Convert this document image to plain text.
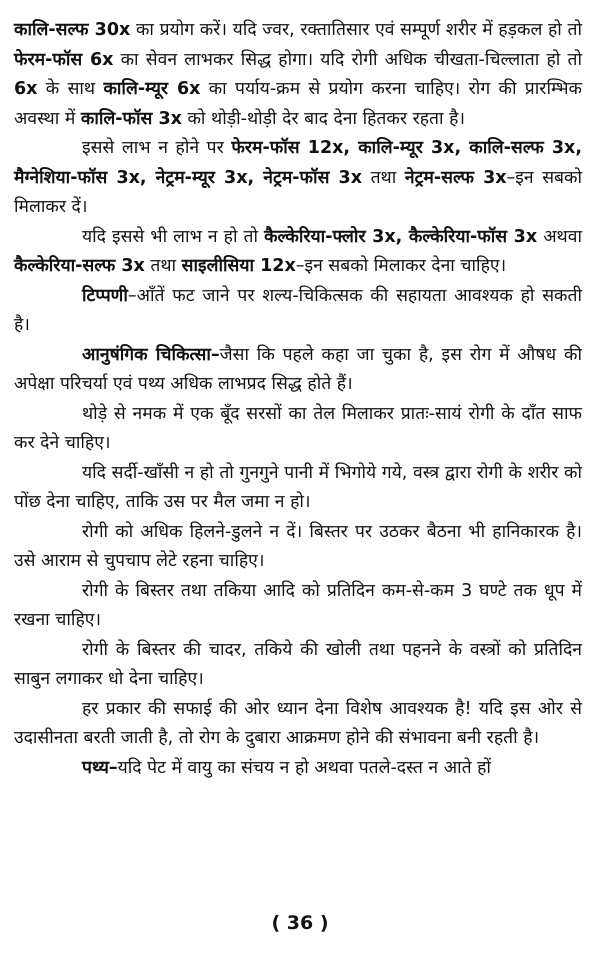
कालि-सल्फ 30x का प्रयोग करें। यदि ज्वर, रक्तातिसार एवं सम्पूर्ण शरीर में हड़कल हो तो फेरम-फॉस 6x का सेवन लाभकर सिद्ध होगा। यदि रोगी अधिक चीखता-चिल्लाता हो तो 6x के साथ कालि-म्यूर 6x का पर्याय-क्रम से प्रयोग करना चाहिए। रोग की प्रारम्भिक अवस्था में कालि-फॉस 3x को थोड़ी-थोड़ी देर बाद देना हितकर रहता है।

इससे लाभ न होने पर फेरम-फॉस 12x, कालि-म्यूर 3x, कालि-सल्फ 3x, मैग्नेशिया-फॉस 3x, नेट्रम-म्यूर 3x, नेट्रम-फॉस 3x तथा नेट्रम-सल्फ 3x–इन सबको मिलाकर दें।

यदि इससे भी लाभ न हो तो कैल्केरिया-फ्लोर 3x, कैल्केरिया-फॉस 3x अथवा कैल्केरिया-सल्फ 3x तथा साइलीसिया 12x–इन सबको मिलाकर देना चाहिए।

टिप्पणी–आँतें फट जाने पर शल्य-चिकित्सक की सहायता आवश्यक हो सकती है।

आनुषंगिक चिकित्सा–जैसा कि पहले कहा जा चुका है, इस रोग में औषध की अपेक्षा परिचर्या एवं पथ्य अधिक लाभप्रद सिद्ध होते हैं।

थोड़े से नमक में एक बूँद सरसों का तेल मिलाकर प्रातः-सायं रोगी के दाँत साफ कर देने चाहिए।

यदि सर्दी-खाँसी न हो तो गुनगुने पानी में भिगोये गये, वस्त्र द्वारा रोगी के शरीर को पोंछ देना चाहिए, ताकि उस पर मैल जमा न हो।

रोगी को अधिक हिलने-डुलने न दें। बिस्तर पर उठकर बैठना भी हानिकारक है। उसे आराम से चुपचाप लेटे रहना चाहिए।

रोगी के बिस्तर तथा तकिया आदि को प्रतिदिन कम-से-कम 3 घण्टे तक धूप में रखना चाहिए।

रोगी के बिस्तर की चादर, तकिये की खोली तथा पहनने के वस्त्रों को प्रतिदिन साबुन लगाकर धो देना चाहिए।

हर प्रकार की सफाई की ओर ध्यान देना विशेष आवश्यक है! यदि इस ओर से उदासीनता बरती जाती है, तो रोग के दुबारा आक्रमण होने की संभावना बनी रहती है।

पथ्य–यदि पेट में वायु का संचय न हो अथवा पतले-दस्त न आते हों

( 36 )
